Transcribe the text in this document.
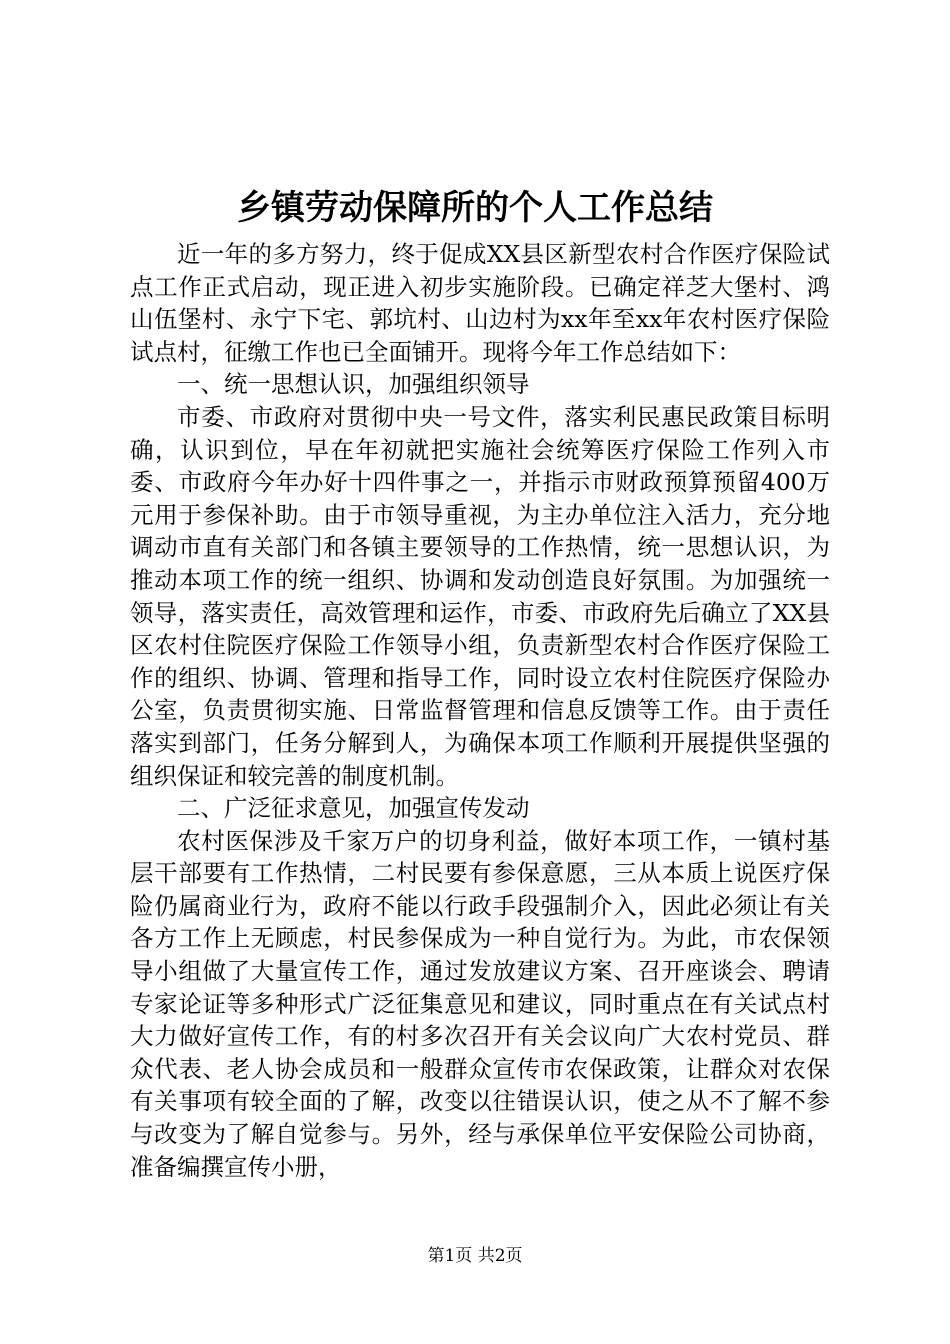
乡镇劳动保障所的个人工作总结

近一年的多方努力，终于促成XX县区新型农村合作医疗保险试点工作正式启动，现正进入初步实施阶段。已确定祥芝大堡村、鸿山伍堡村、永宁下宅、郭坑村、山边村为xx年至xx年农村医疗保险试点村，征缴工作也已全面铺开。现将今年工作总结如下：

一、统一思想认识，加强组织领导

市委、市政府对贯彻中央一号文件，落实利民惠民政策目标明确，认识到位，早在年初就把实施社会统筹医疗保险工作列入市委、市政府今年办好十四件事之一，并指示市财政预算预留400万元用于参保补助。由于市领导重视，为主办单位注入活力，充分地调动市直有关部门和各镇主要领导的工作热情，统一思想认识，为推动本项工作的统一组织、协调和发动创造良好氛围。为加强统一领导，落实责任，高效管理和运作，市委、市政府先后确立了XX县区农村住院医疗保险工作领导小组，负责新型农村合作医疗保险工作的组织、协调、管理和指导工作，同时设立农村住院医疗保险办公室，负责贯彻实施、日常监督管理和信息反馈等工作。由于责任落实到部门，任务分解到人，为确保本项工作顺利开展提供坚强的组织保证和较完善的制度机制。

二、广泛征求意见，加强宣传发动

农村医保涉及千家万户的切身利益，做好本项工作，一镇村基层干部要有工作热情，二村民要有参保意愿，三从本质上说医疗保险仍属商业行为，政府不能以行政手段强制介入，因此必须让有关各方工作上无顾虑，村民参保成为一种自觉行为。为此，市农保领导小组做了大量宣传工作，通过发放建议方案、召开座谈会、聘请专家论证等多种形式广泛征集意见和建议，同时重点在有关试点村大力做好宣传工作，有的村多次召开有关会议向广大农村党员、群众代表、老人协会成员和一般群众宣传市农保政策，让群众对农保有关事项有较全面的了解，改变以往错误认识，使之从不了解不参与改变为了解自觉参与。另外，经与承保单位平安保险公司协商，准备编撰宣传小册，

第1页 共2页
